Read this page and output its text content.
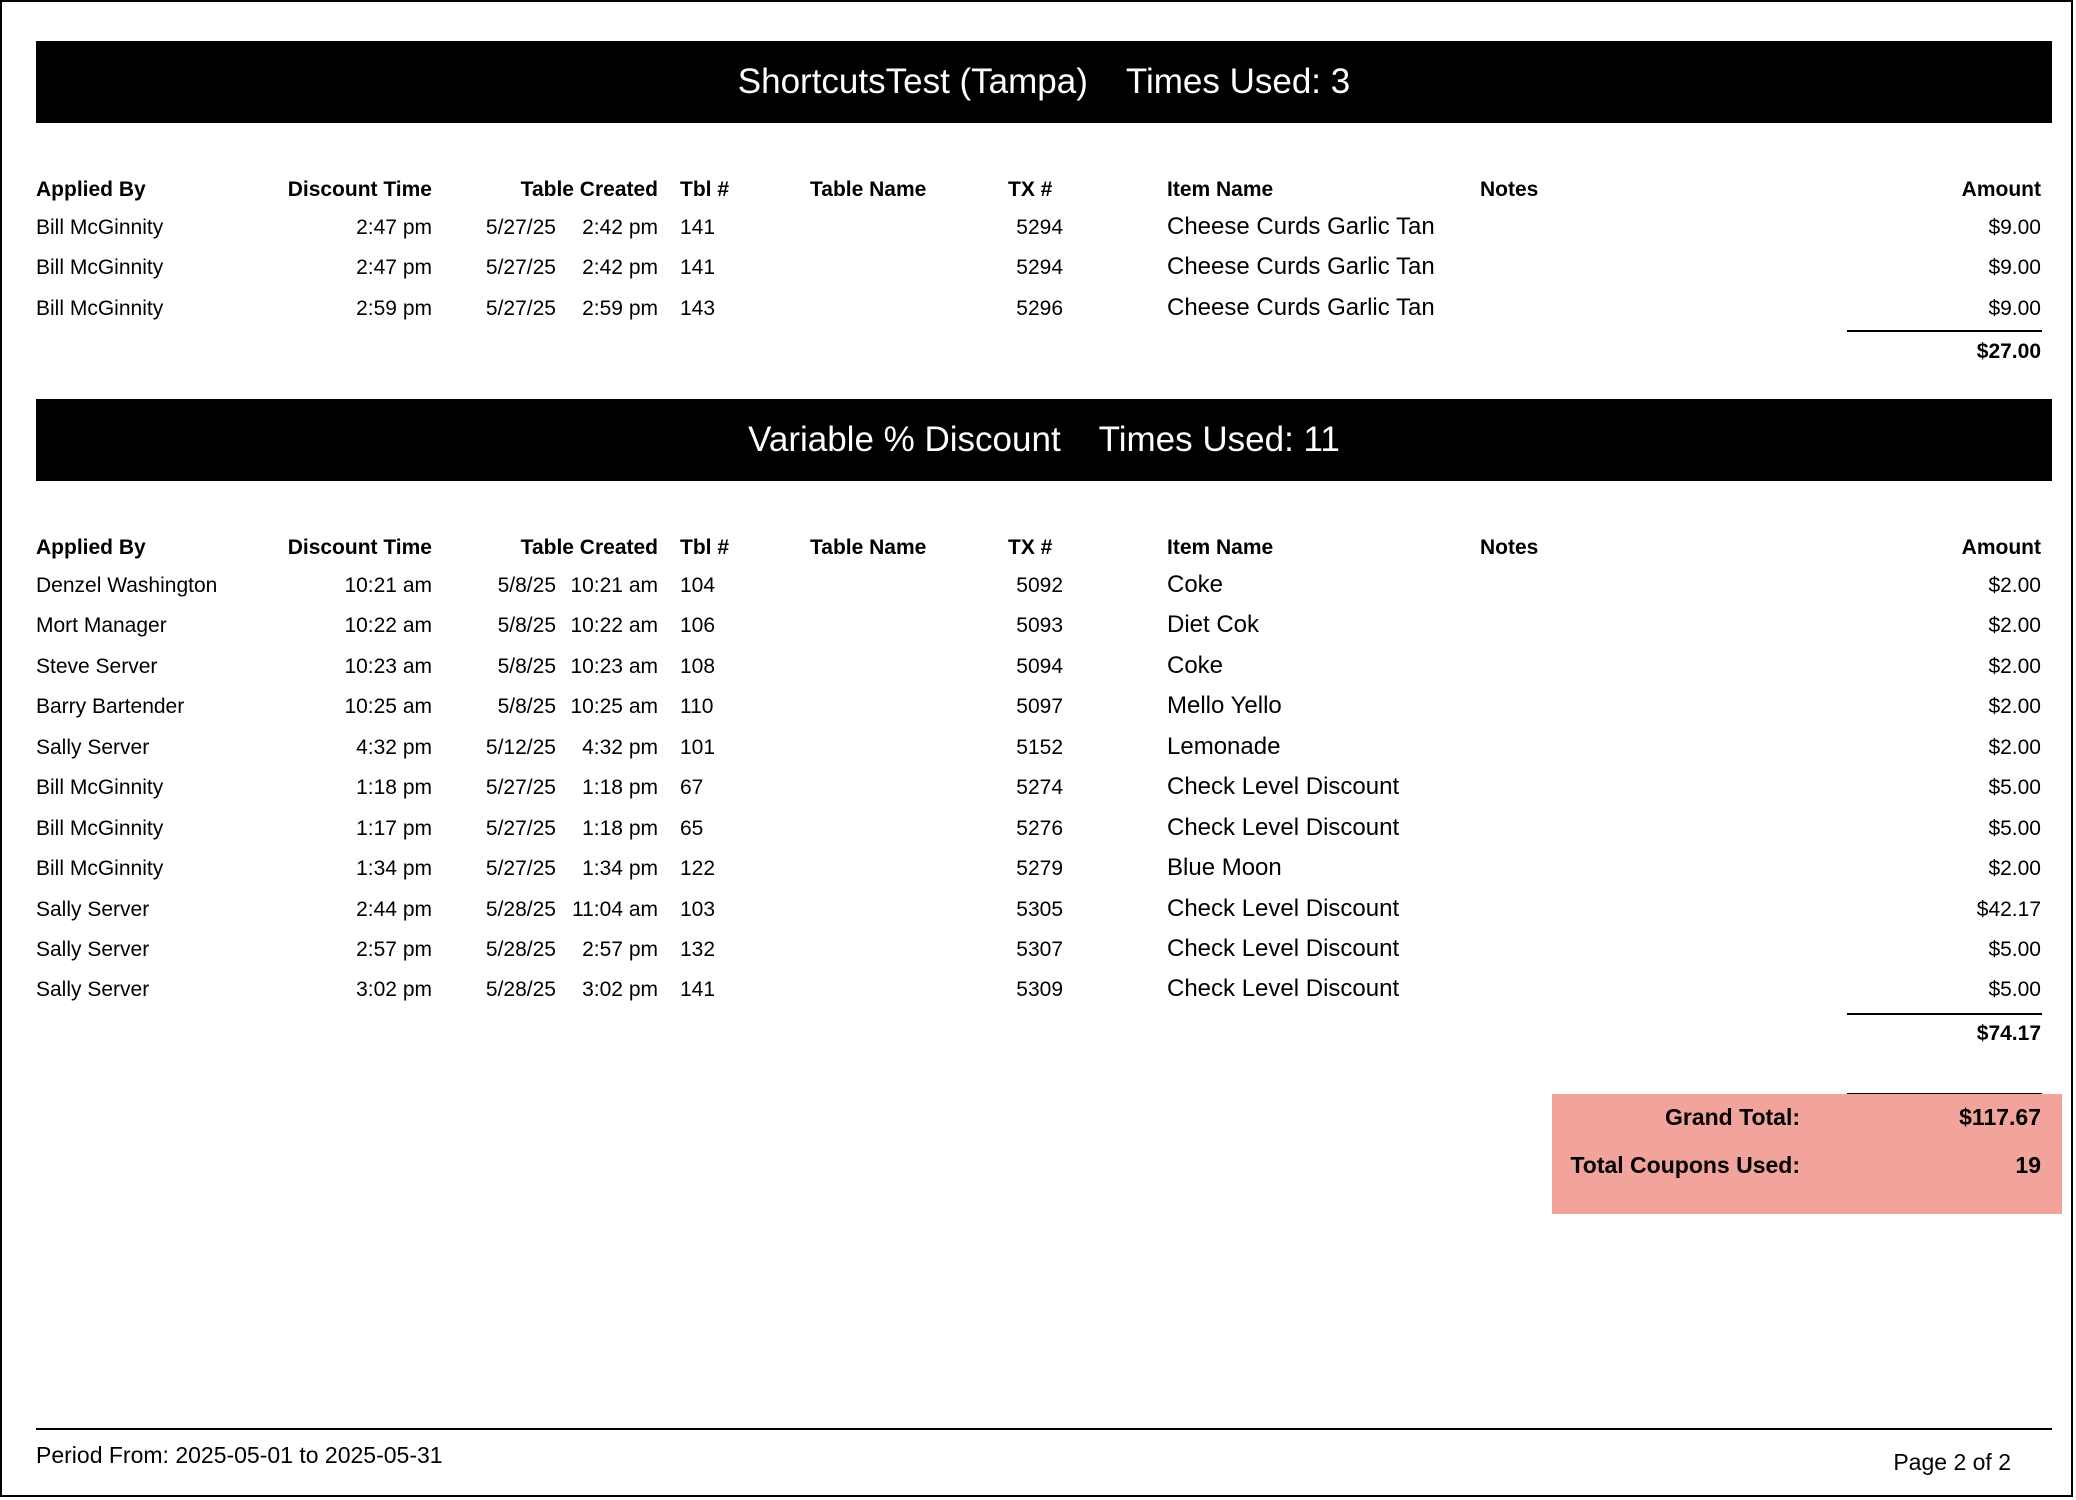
ShortcutsTest (Tampa) Times Used: 3
Applied By	Discount Time	Table Created Tbl #	Table Name	TX #	Item Name	Notes	Amount
Bill McGinnity	2:47 pm	5/27/25 2:42 pm 141	5294	Cheese Curds Garlic Tan	$9.00
Bill McGinnity	2:47 pm	5/27/25 2:42 pm 141	5294	Cheese Curds Garlic Tan	$9.00
Bill McGinnity	2:59 pm	5/27/25 2:59 pm 143	5296	Cheese Curds Garlic Tan	$9.00
$27.00
Variable % Discount Times Used: 11
Applied By	Discount Time	Table Created Tbl #	Table Name	TX #	Item Name	Notes	Amount
Denzel Washington	10:21 am	5/8/25 10:21 am 104	5092	Coke	$2.00
Mort Manager	10:22 am	5/8/25 10:22 am 106	5093	Diet Cok	$2.00
Steve Server	10:23 am	5/8/25 10:23 am 108	5094	Coke	$2.00
Barry Bartender	10:25 am	5/8/25 10:25 am 110	5097	Mello Yello	$2.00
Sally Server	4:32 pm	5/12/25 4:32 pm 101	5152	Lemonade	$2.00
Bill McGinnity	1:18 pm	5/27/25 1:18 pm 67	5274	Check Level Discount	$5.00
Bill McGinnity	1:17 pm	5/27/25 1:18 pm 65	5276	Check Level Discount	$5.00
Bill McGinnity	1:34 pm	5/27/25 1:34 pm 122	5279	Blue Moon	$2.00
Sally Server	2:44 pm	5/28/25 11:04 am 103	5305	Check Level Discount	$42.17
Sally Server	2:57 pm	5/28/25 2:57 pm 132	5307	Check Level Discount	$5.00
Sally Server	3:02 pm	5/28/25 3:02 pm 141	5309	Check Level Discount	$5.00
$74.17
Grand Total:	$117.67
Total Coupons Used:	19
Period From: 2025-05-01 to 2025-05-31	Page 2 of 2
